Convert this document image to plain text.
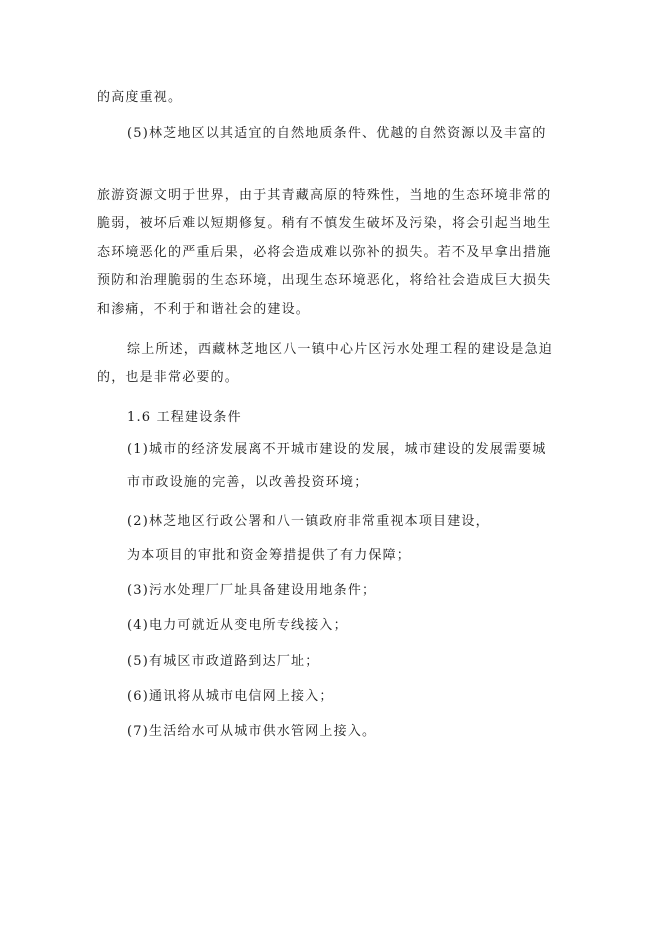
的高度重视。
(5)林芝地区以其适宜的自然地质条件、优越的自然资源以及丰富的
旅游资源文明于世界，由于其青藏高原的特殊性，当地的生态环境非常的
脆弱，被坏后难以短期修复。稍有不慎发生破坏及污染，将会引起当地生
态环境恶化的严重后果，必将会造成难以弥补的损失。若不及早拿出措施
预防和治理脆弱的生态环境，出现生态环境恶化，将给社会造成巨大损失
和渗痛，不利于和谐社会的建设。
综上所述，西藏林芝地区八一镇中心片区污水处理工程的建设是急迫
的，也是非常必要的。
1.6 工程建设条件
(1)城市的经济发展离不开城市建设的发展，城市建设的发展需要城
市市政设施的完善，以改善投资环境；
(2)林芝地区行政公署和八一镇政府非常重视本项目建设，
为本项目的审批和资金筹措提供了有力保障；
(3)污水处理厂厂址具备建设用地条件；
(4)电力可就近从变电所专线接入；
(5)有城区市政道路到达厂址；
(6)通讯将从城市电信网上接入；
(7)生活给水可从城市供水管网上接入。
